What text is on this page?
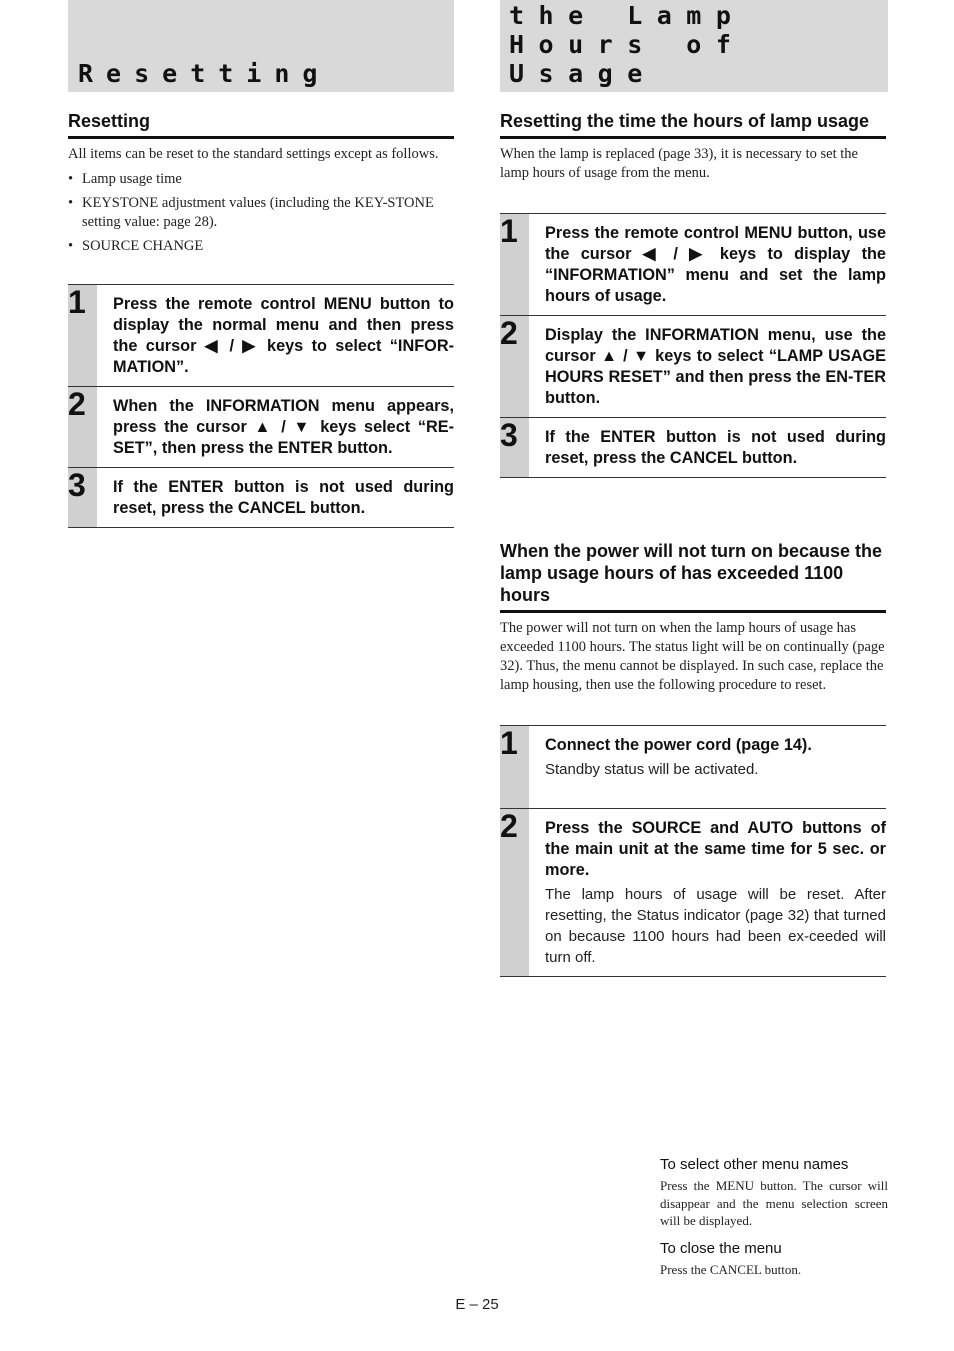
Resetting
Resetting

All items can be reset to the standard settings except as follows.

• Lamp usage time
• KEYSTONE adjustment values (including the KEY-STONE setting value: page 28).
• SOURCE CHANGE
1	Press the remote control MENU button to display the normal menu and then press the cursor ◀ / ▶ keys to select “INFOR-MATION”.
2	When the INFORMATION menu appears, press the cursor ▲ / ▼ keys select “RE-SET”, then press the ENTER button.
3	If the ENTER button is not used during reset, press the CANCEL button.
the Lamp
Hours of Usage
Resetting the time the hours of lamp usage

When the lamp is replaced (page 33), it is necessary to set the lamp hours of usage from the menu.

1	Press the remote control MENU button, use the cursor ◀ / ▶ keys to display the “INFORMATION” menu and set the lamp hours of usage.
2	Display the INFORMATION menu, use the cursor ▲ / ▼ keys to select “LAMP USAGE HOURS RESET” and then press the EN-TER button.
3	If the ENTER button is not used during reset, press the CANCEL button.
When the power will not turn on because the lamp usage hours of has exceeded 1100 hours

The power will not turn on when the lamp hours of usage has exceeded 1100 hours. The status light will be on continually (page 32). Thus, the menu cannot be displayed. In such case, replace the lamp housing, then use the following procedure to reset.

1	Connect the power cord (page 14).
Standby status will be activated.
2	Press the SOURCE and AUTO buttons of the main unit at the same time for 5 sec. or more.
The lamp hours of usage will be reset. After resetting, the Status indicator (page 32) that turned on because 1100 hours had been ex-ceeded will turn off.
To select other menu names
Press the MENU button. The cursor will disappear and the menu selection screen will be displayed.
To close the menu
Press the CANCEL button.
E – 25
